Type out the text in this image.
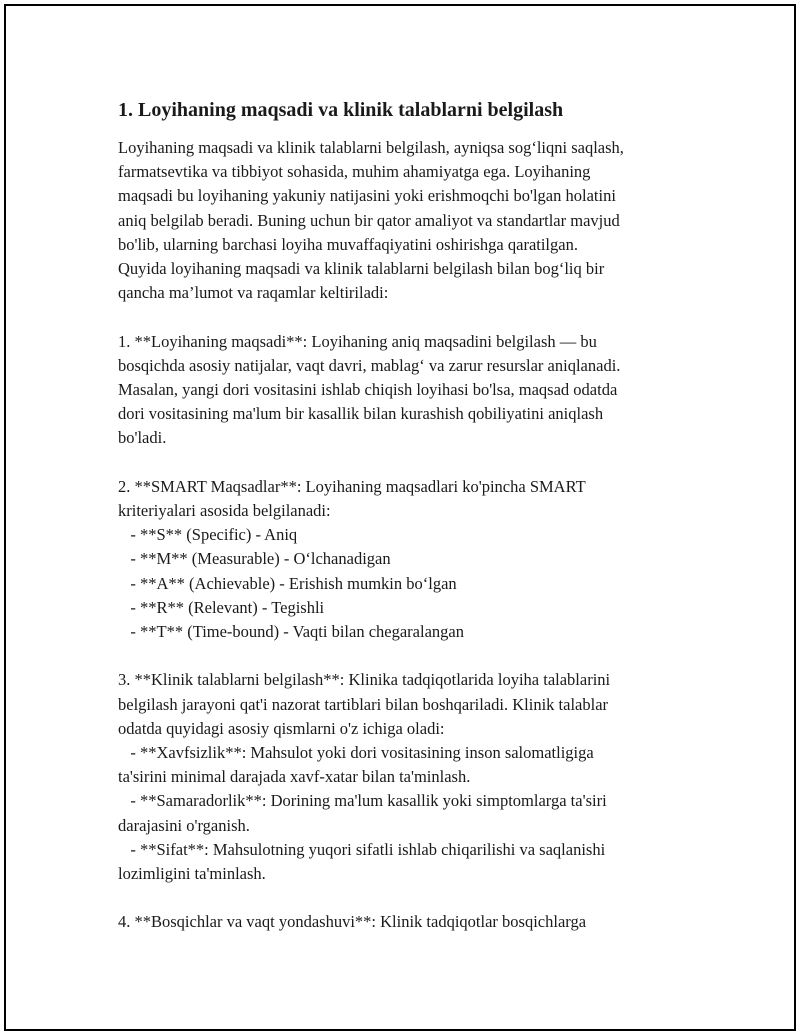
1. Loyihaning maqsadi va klinik talablarni belgilash

Loyihaning maqsadi va klinik talablarni belgilash, ayniqsa sog‘liqni saqlash,

farmatsevtika va tibbiyot sohasida, muhim ahamiyatga ega. Loyihaning

maqsadi bu loyihaning yakuniy natijasini yoki erishmoqchi bo'lgan holatini

aniq belgilab beradi. Buning uchun bir qator amaliyot va standartlar mavjud

bo'lib, ularning barchasi loyiha muvaffaqiyatini oshirishga qaratilgan.

Quyida loyihaning maqsadi va klinik talablarni belgilash bilan bog‘liq bir

qancha ma’lumot va raqamlar keltiriladi:

1. **Loyihaning maqsadi**: Loyihaning aniq maqsadini belgilash — bu

bosqichda asosiy natijalar, vaqt davri, mablag‘ va zarur resurslar aniqlanadi.

Masalan, yangi dori vositasini ishlab chiqish loyihasi bo'lsa, maqsad odatda

dori vositasining ma'lum bir kasallik bilan kurashish qobiliyatini aniqlash

bo'ladi.

2. **SMART Maqsadlar**: Loyihaning maqsadlari ko'pincha SMART

kriteriyalari asosida belgilanadi:

- **S** (Specific) - Aniq

- **M** (Measurable) - O‘lchanadigan

- **A** (Achievable) - Erishish mumkin bo‘lgan

- **R** (Relevant) - Tegishli

- **T** (Time-bound) - Vaqti bilan chegaralangan

3. **Klinik talablarni belgilash**: Klinika tadqiqotlarida loyiha talablarini

belgilash jarayoni qat'i nazorat tartiblari bilan boshqariladi. Klinik talablar

odatda quyidagi asosiy qismlarni o'z ichiga oladi:

- **Xavfsizlik**: Mahsulot yoki dori vositasining inson salomatligiga

ta'sirini minimal darajada xavf-xatar bilan ta'minlash.

- **Samaradorlik**: Dorining ma'lum kasallik yoki simptomlarga ta'siri

darajasini o'rganish.

- **Sifat**: Mahsulotning yuqori sifatli ishlab chiqarilishi va saqlanishi

lozimligini ta'minlash.

4. **Bosqichlar va vaqt yondashuvi**: Klinik tadqiqotlar bosqichlarga
